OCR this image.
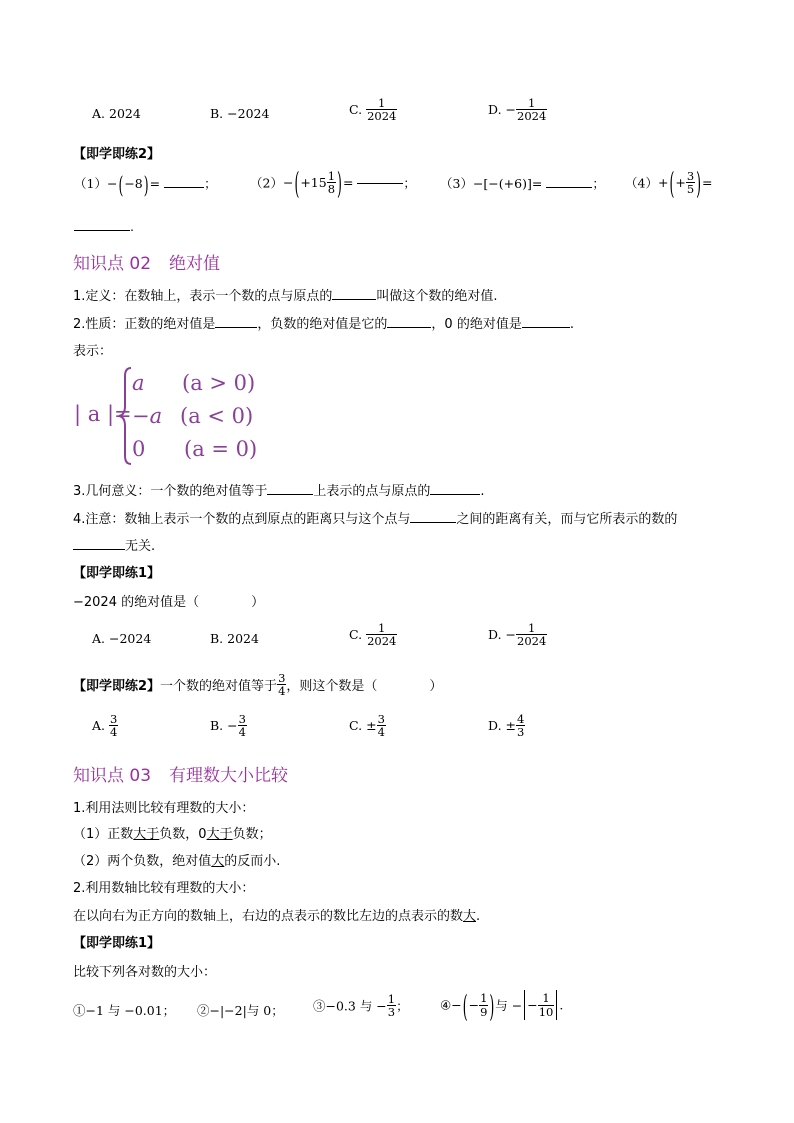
A. 2024	B. −2024	C. $\frac{1}{2024}$	D. − $\frac{1}{2024}$
【即学即练2】
（1）−(−8)=	；	$(2)-(+15 \frac{1}{8}$ )=	； （3）−[−(+6)]=	； $(4)+(+ \frac{3}{5}$ )=
.
知识点 02 绝对值
1.定义：在数轴上，表示一个数的点与原点的	叫做这个数的绝对值.
2.性质：正数的绝对值是	，负数的绝对值是它的	，0 的绝对值是	.
表示：
| a |=
a (a > 0)
−a (a < 0)
0 (a = 0)
3.几何意义：一个数的绝对值等于	上表示的点与原点的	.
4.注意：数轴上表示一个数的点到原点的距离只与这个点与	之间的距离有关，而与它所表示的数的
无关.
【即学即练1】
−2024 的绝对值是（　　　　）
A. −2024	B. 2024	C. $\frac{1}{2024}$	D. − $\frac{1}{2024}$
【即学即练2】一个数的绝对值等于 $\frac{3}{4}$ ，则这个数是（　　　　）
A. $\frac{3}{4}$	B. − $\frac{3}{4}$	C. ± $\frac{3}{4}$	D. ± $\frac{4}{3}$
知识点 03 有理数大小比较
1.利用法则比较有理数的大小：
（1）正数大于负数，0大于负数；
（2）两个负数，绝对值大的反而小.
2.利用数轴比较有理数的大小：
在以向右为正方向的数轴上，右边的点表示的数比左边的点表示的数大.
【即学即练1】
比较下列各对数的大小：
①−1 与 −0.01； ②−|−2|与 0； ③−0.3 与 − $\frac{1}{3}$ ；	④−(− $\frac{1}{9}$ )与 − − $\frac{1}{10}$ .
